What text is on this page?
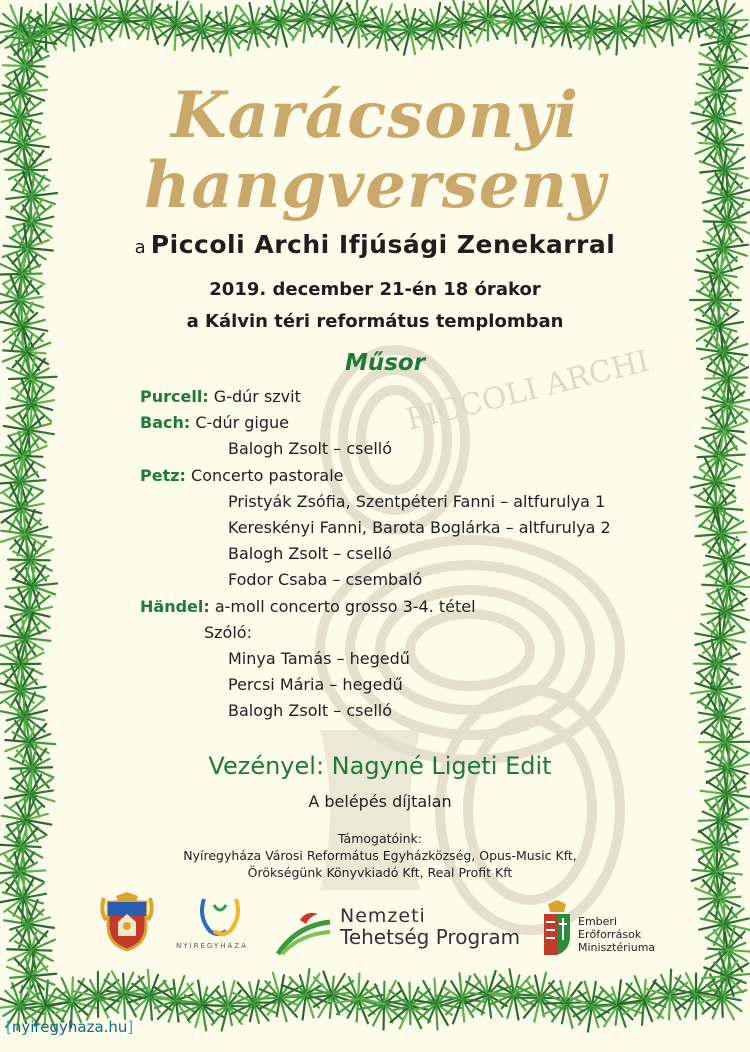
PICCOLI ARCHI
Karácsonyi
hangverseny
a Piccoli Archi Ifjúsági Zenekarral
2019. december 21-én 18 órakor
a Kálvin téri református templomban
Műsor
Purcell: G-dúr szvit
Bach: C-dúr gigue
Balogh Zsolt – cselló
Petz: Concerto pastorale
Pristyák Zsófia, Szentpéteri Fanni – altfurulya 1
Kereskényi Fanni, Barota Boglárka – altfurulya 2
Balogh Zsolt – cselló
Fodor Csaba – csembaló
Händel: a-moll concerto grosso 3-4. tétel
Szóló:
Minya Tamás – hegedű
Percsi Mária – hegedű
Balogh Zsolt – cselló
Vezényel: Nagyné Ligeti Edit
A belépés díjtalan
Támogatóink:
Nyíregyháza Városi Református Egyházközség, Opus-Music Kft,
Örökségünk Könyvkiadó Kft, Real Profit Kft
NYÍREGYHÁZA
Nemzeti
Tehetség Program
Emberi
Erőforrások
Minisztériuma
[nyiregyhaza.hu]
